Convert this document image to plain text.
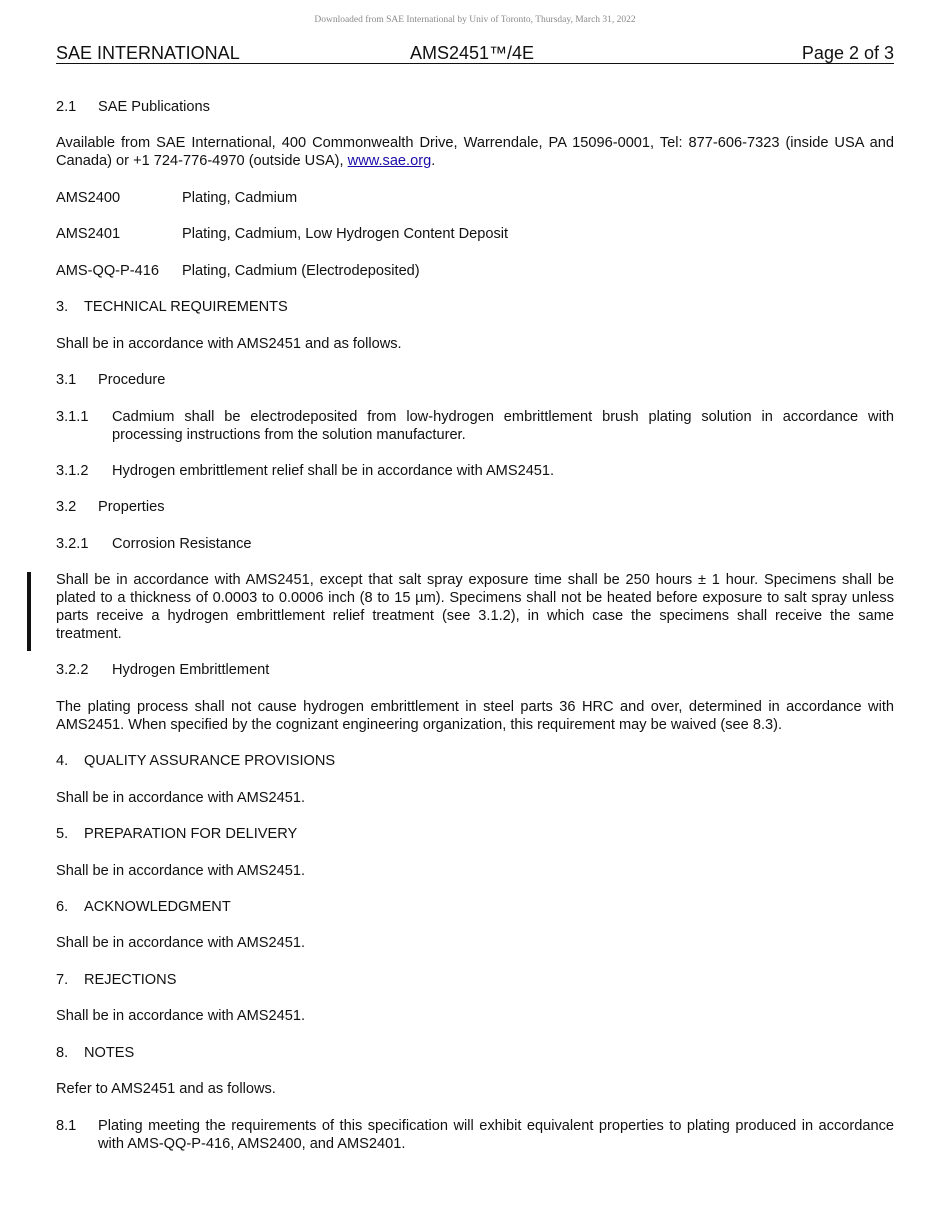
Downloaded from SAE International by Univ of Toronto, Thursday, March 31, 2022
SAE INTERNATIONAL	AMS2451™/4E	Page 2 of 3
2.1 SAE Publications
Available from SAE International, 400 Commonwealth Drive, Warrendale, PA 15096-0001, Tel: 877-606-7323 (inside USA and Canada) or +1 724-776-4970 (outside USA), www.sae.org.
AMS2400	Plating, Cadmium
AMS2401	Plating, Cadmium, Low Hydrogen Content Deposit
AMS-QQ-P-416 Plating, Cadmium (Electrodeposited)
3. TECHNICAL REQUIREMENTS
Shall be in accordance with AMS2451 and as follows.
3.1 Procedure
3.1.1 Cadmium shall be electrodeposited from low-hydrogen embrittlement brush plating solution in accordance with processing instructions from the solution manufacturer.
3.1.2 Hydrogen embrittlement relief shall be in accordance with AMS2451.
3.2 Properties
3.2.1 Corrosion Resistance
Shall be in accordance with AMS2451, except that salt spray exposure time shall be 250 hours ± 1 hour. Specimens shall be plated to a thickness of 0.0003 to 0.0006 inch (8 to 15 µm). Specimens shall not be heated before exposure to salt spray unless parts receive a hydrogen embrittlement relief treatment (see 3.1.2), in which case the specimens shall receive the same treatment.
3.2.2 Hydrogen Embrittlement
The plating process shall not cause hydrogen embrittlement in steel parts 36 HRC and over, determined in accordance with AMS2451. When specified by the cognizant engineering organization, this requirement may be waived (see 8.3).
4. QUALITY ASSURANCE PROVISIONS
Shall be in accordance with AMS2451.
5. PREPARATION FOR DELIVERY
Shall be in accordance with AMS2451.
6. ACKNOWLEDGMENT
Shall be in accordance with AMS2451.
7. REJECTIONS
Shall be in accordance with AMS2451.
8. NOTES
Refer to AMS2451 and as follows.
8.1 Plating meeting the requirements of this specification will exhibit equivalent properties to plating produced in accordance with AMS-QQ-P-416, AMS2400, and AMS2401.
